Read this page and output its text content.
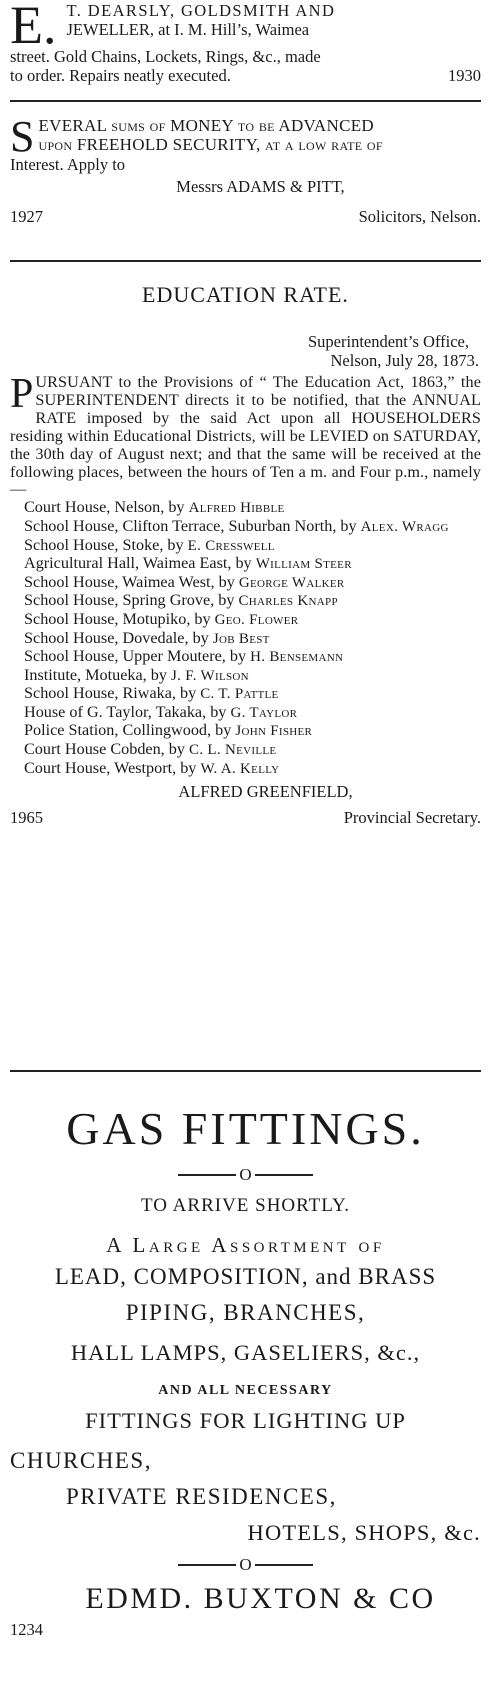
E. T. DEARSLY, GOLDSMITH AND

JEWELLER, at I. M. Hill’s, Waimea

street. Gold Chains, Lockets, Rings, &c., made

to order. Repairs neatly executed.	1930
S EVERAL sums of MONEY to be ADVANCED

upon FREEHOLD SECURITY, at a low rate of

Interest. Apply to

Messrs ADAMS & PITT,

1927	Solicitors, Nelson.

EDUCATION RATE.

Superintendent’s Office,

Nelson, July 28, 1873.

P URSUANT to the Provisions of “ The Education Act, 1863,” the SUPERINTENDENT directs it to be notified, that the ANNUAL RATE imposed by the said Act upon all HOUSEHOLDERS residing within Educational Districts, will be LEVIED on SATURDAY, the 30th day of August next; and that the same will be received at the following places, between the hours of Ten a m. and Four p.m., namely—

Court House, Nelson, by Alfred Hibble
School House, Clifton Terrace, Suburban North, by Alex. Wragg
School House, Stoke, by E. Cresswell
Agricultural Hall, Waimea East, by William Steer
School House, Waimea West, by George Walker
School House, Spring Grove, by Charles Knapp
School House, Motupiko, by Geo. Flower
School House, Dovedale, by Job Best
School House, Upper Moutere, by H. Bensemann
Institute, Motueka, by J. F. Wilson
School House, Riwaka, by C. T. Pattle
House of G. Taylor, Takaka, by G. Taylor
Police Station, Collingwood, by John Fisher
Court House Cobden, by C. L. Neville
Court House, Westport, by W. A. Kelly

ALFRED GREENFIELD,

1965	Provincial Secretary.

GAS FITTINGS.

O

TO ARRIVE SHORTLY.

A Large Assortment of

LEAD, COMPOSITION, and BRASS

PIPING, BRANCHES,

HALL LAMPS, GASELIERS, &c.,

AND ALL NECESSARY

FITTINGS FOR LIGHTING UP

CHURCHES,

PRIVATE RESIDENCES,

HOTELS, SHOPS, &c.

O

EDMD. BUXTON & CO

1234
